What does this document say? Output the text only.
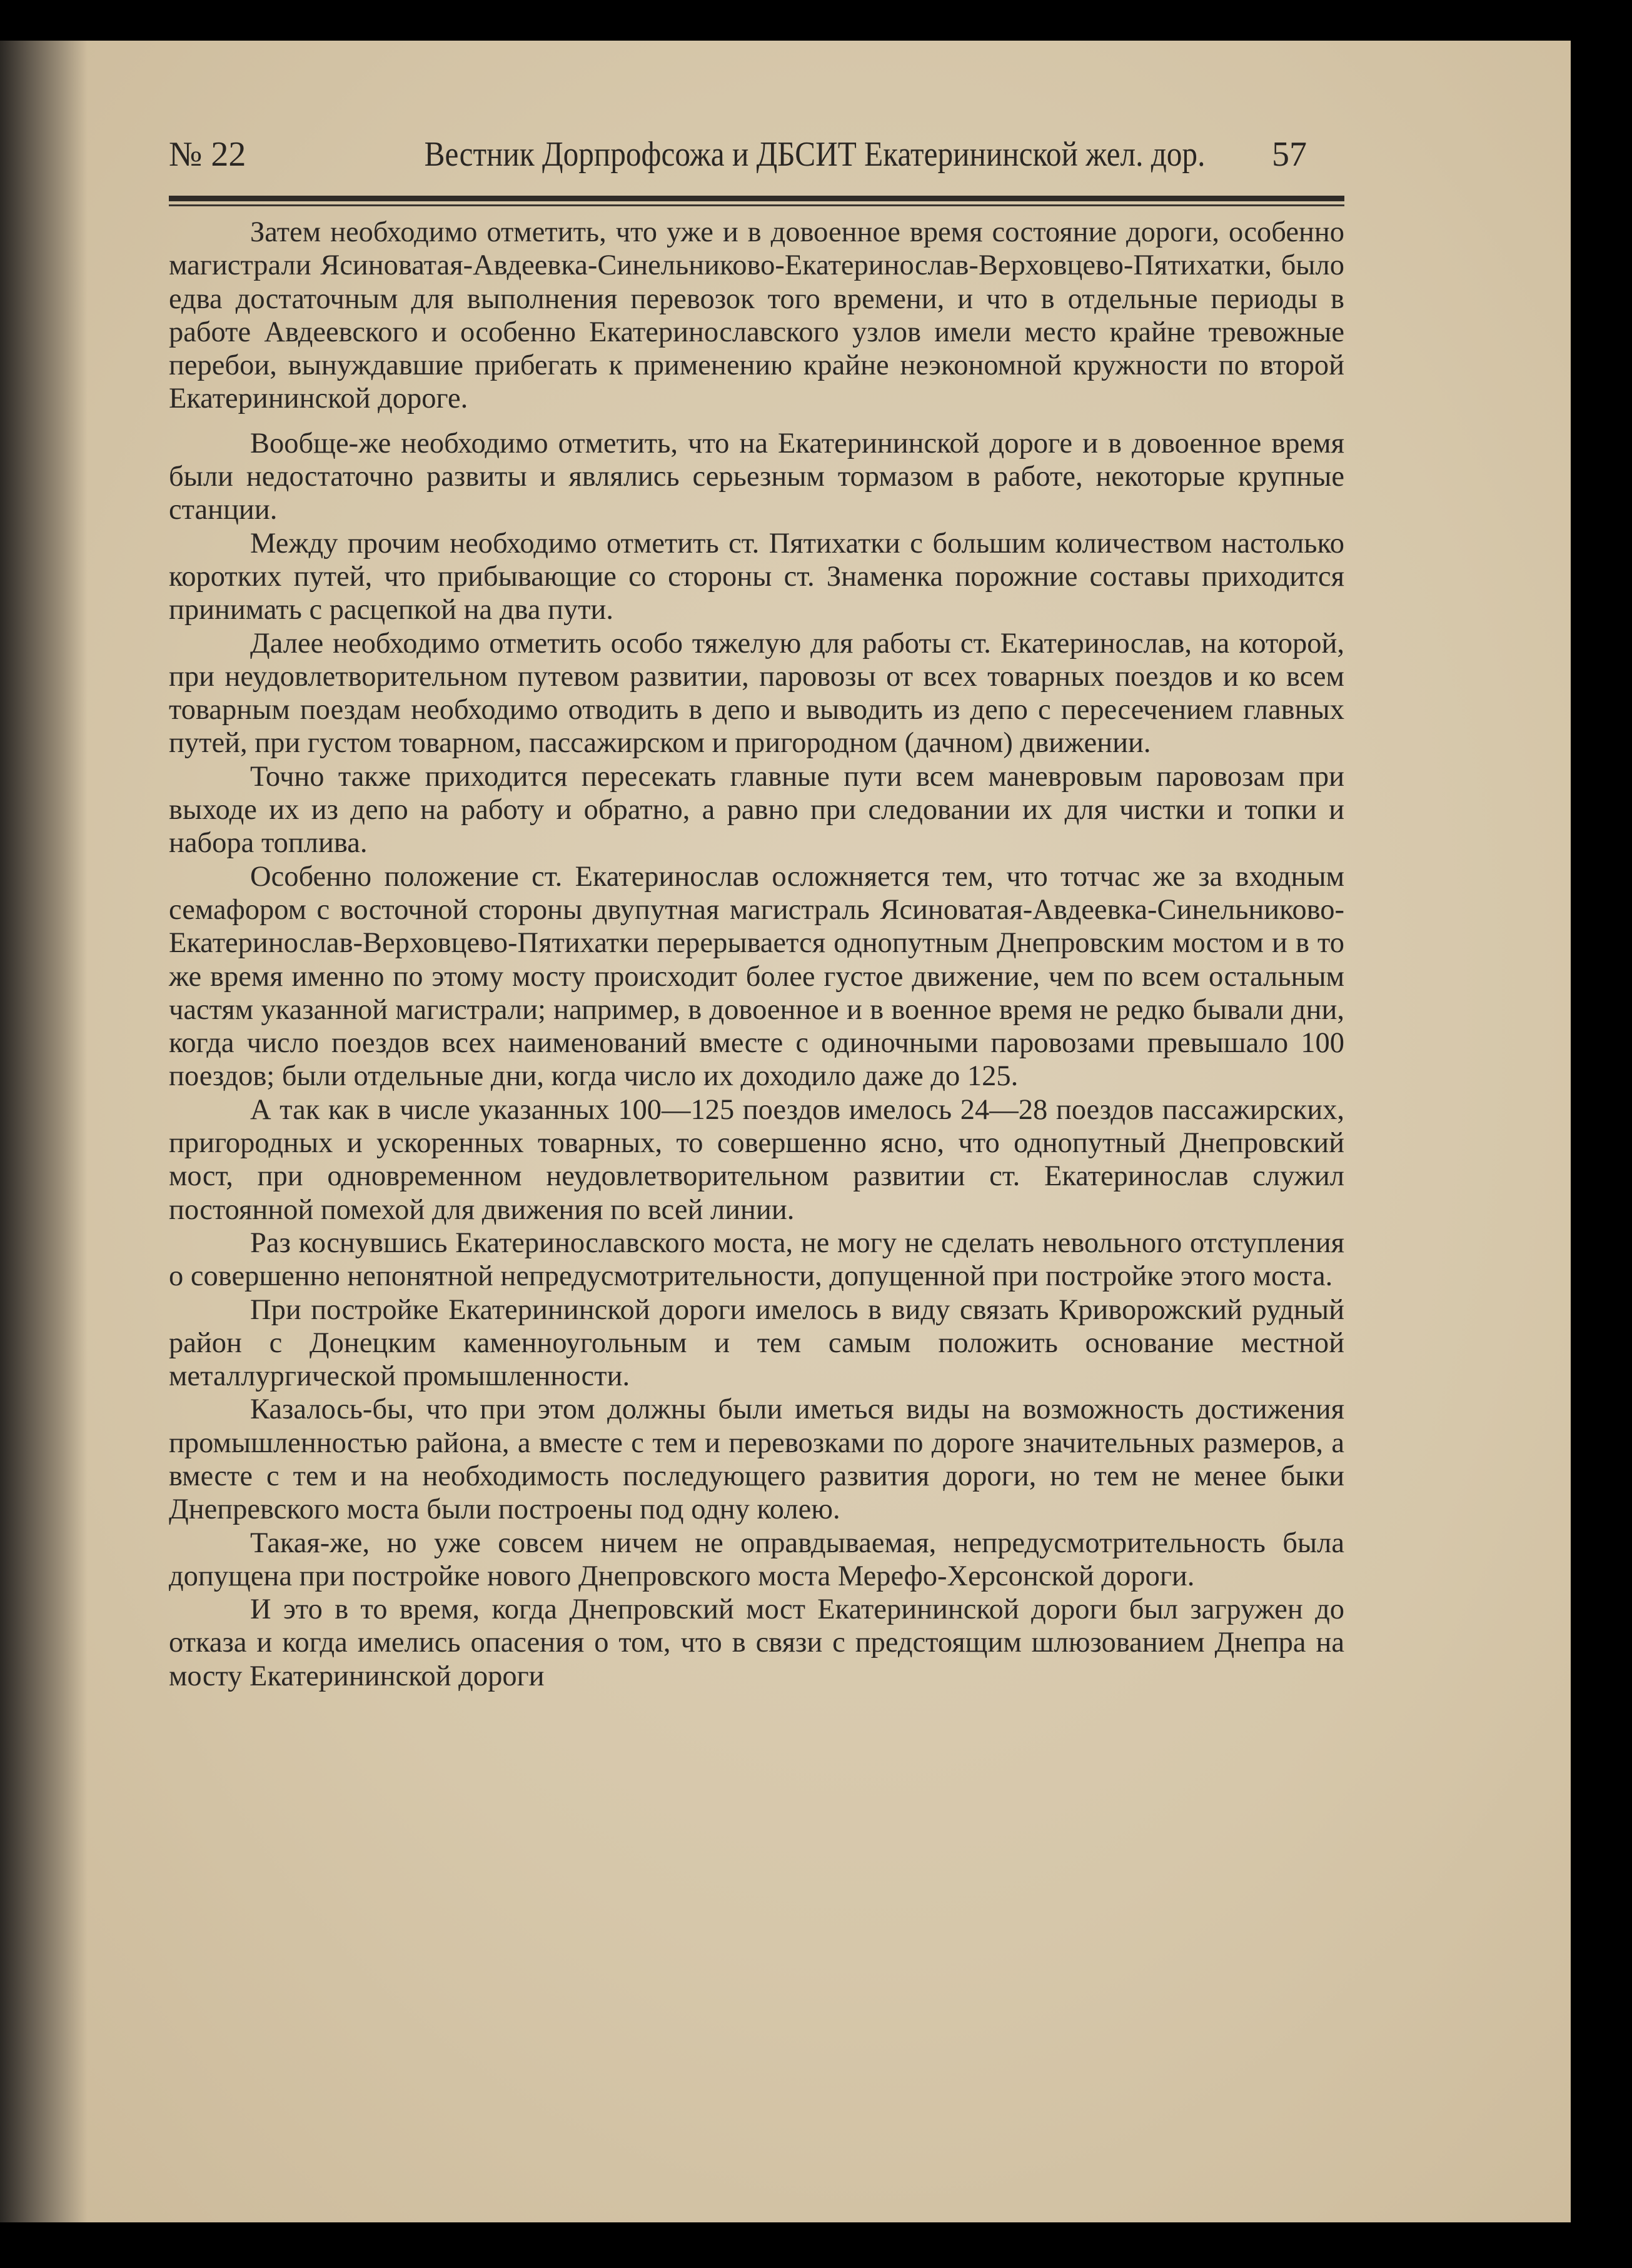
№ 22	Вестник Дорпрофсожа и ДБСИТ Екатерининской жел. дор. 57

Затем необходимо отметить, что уже и в довоенное время состояние дороги, особенно магистрали Ясиноватая-Авдеевка-Синельниково-Екатеринослав-Верховцево-Пятихатки, было едва достаточным для выполнения перевозок того времени, и что в отдельные периоды в работе Авдеевского и особенно Екатеринославского узлов имели место крайне тревожные перебои, вынуждавшие прибегать к применению крайне неэкономной кружности по второй Екатерининской дороге.

Вообще-же необходимо отметить, что на Екатерининской дороге и в довоенное время были недостаточно развиты и являлись серьезным тормазом в работе, некоторые крупные станции.

Между прочим необходимо отметить ст. Пятихатки с большим количеством настолько коротких путей, что прибывающие со стороны ст. Знаменка порожние составы приходится принимать с расцепкой на два пути.

Далее необходимо отметить особо тяжелую для работы ст. Екатеринослав, на которой, при неудовлетворительном путевом развитии, паровозы от всех товарных поездов и ко всем товарным поездам необходимо отводить в депо и выводить из депо с пересечением главных путей, при густом товарном, пассажирском и пригородном (дачном) движении.

Точно также приходится пересекать главные пути всем маневровым паровозам при выходе их из депо на работу и обратно, а равно при следовании их для чистки и топки и набора топлива.

Особенно положение ст. Екатеринослав осложняется тем, что тотчас же за входным семафором с восточной стороны двупутная магистраль Ясиноватая-Авдеевка-Синельниково-Екатеринослав-Верховцево-Пятихатки перерывается однопутным Днепровским мостом и в то же время именно по этому мосту происходит более густое движение, чем по всем остальным частям указанной магистрали; например, в довоенное и в военное время не редко бывали дни, когда число поездов всех наименований вместе с одиночными паровозами превышало 100 поездов; были отдельные дни, когда число их доходило даже до 125.

А так как в числе указанных 100—125 поездов имелось 24—28 поездов пассажирских, пригородных и ускоренных товарных, то совершенно ясно, что однопутный Днепровский мост, при одновременном неудовлетворительном развитии ст. Екатеринослав служил постоянной помехой для движения по всей линии.

Раз коснувшись Екатеринославского моста, не могу не сделать невольного отступления о совершенно непонятной непредусмотрительности, допущенной при постройке этого моста.

При постройке Екатерининской дороги имелось в виду связать Криворожский рудный район с Донецким каменноугольным и тем самым положить основание местной металлургической промышленности.

Казалось-бы, что при этом должны были иметься виды на возможность достижения промышленностью района, а вместе с тем и перевозками по дороге значительных размеров, а вместе с тем и на необходимость последующего развития дороги, но тем не менее быки Днепревского моста были построены под одну колею.

Такая-же, но уже совсем ничем не оправдываемая, непредусмотрительность была допущена при постройке нового Днепровского моста Мерефо-Херсонской дороги.

И это в то время, когда Днепровский мост Екатерининской дороги был загружен до отказа и когда имелись опасения о том, что в связи с предстоящим шлюзованием Днепра на мосту Екатерининской дороги
